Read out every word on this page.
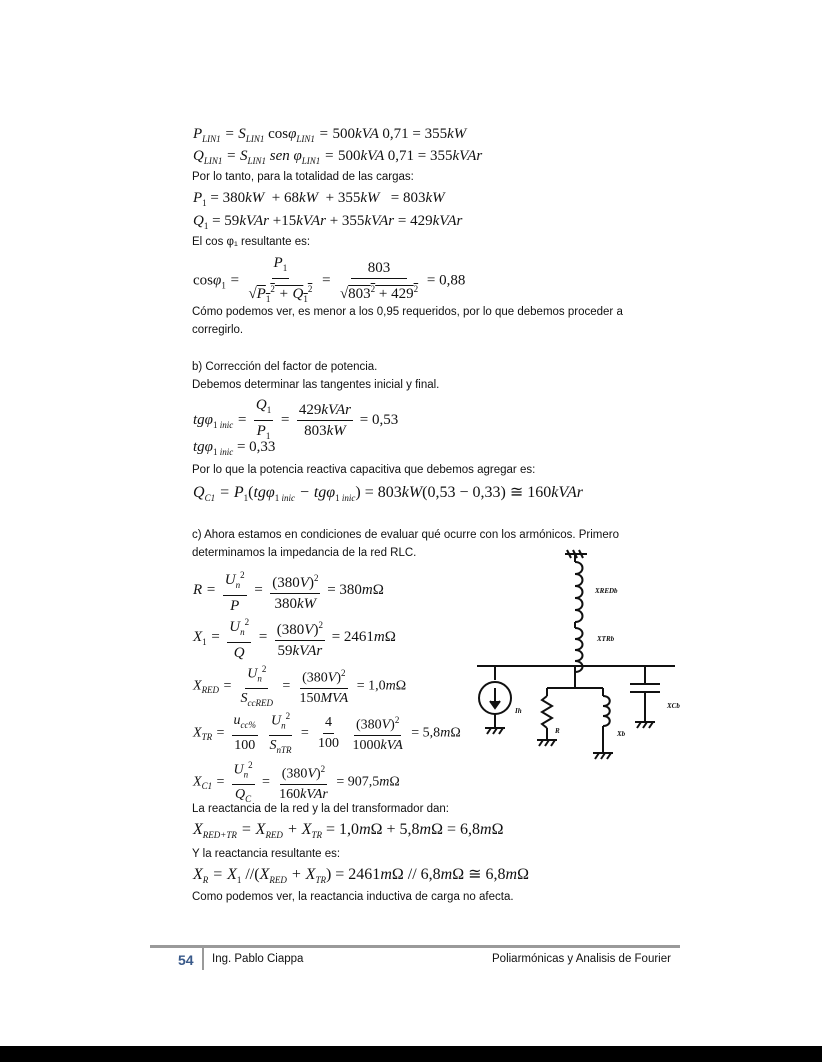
$P_{LIN1} = S_{LIN1}$ cosφ$_{LIN1}$ = 500kVA 0,71 = 355kW
$Q_{LIN1} = S_{LIN1}$ sen $\varphi_{LIN1} = 500kVA$ 0,71 = 355kVAr
Por lo tanto, para la totalidad de las cargas:
$P_1 = 380kW + 68kW + 355kW = 803kW$
$Q_1$ = 59kVAr +15kVAr + 355kVAr = 429kVAr
El cos φ₁ resultante es:
$\cos\varphi_1 = \frac{P_1}{√P_1^2 + Q_1^2} = \frac{803}{√803^2 + 429^2} = 0,88$
Cómo podemos ver, es menor a los 0,95 requeridos, por lo que debemos proceder a
corregirlo.
b) Corrección del factor de potencia.
Debemos determinar las tangentes inicial y final.
tgφ$_1$ $_{inic} = \frac{Q_1}{P_1} = \frac{\text{429kVAr}}{803kW} = 0,53$
tgφ$_1$ $_{inic}$ = 0,33
Por lo que la potencia reactiva capacitiva que debemos agregar es:
$Q_{C1} = P_1(tg\varphi_1$ $_{inic}$ − tgφ$_1$ $_{inic}$) = 803kW(0,53 − 0,33) ≅ 160kVAr
c) Ahora estamos en condiciones de evaluar qué ocurre con los armónicos. Primero
determinamos la impedancia de la red RLC.
$R = \frac{U_n^2}{P} = \frac{(380V)^2}{380kW} = 380m\Omega$
$X_1 = \frac{U_n^2}{Q} = \frac{(380V)^2}{\text{59kVAr}} = 2461m\Omega$
$X_{RED} = \frac{U_n^2}{S_{ccRED}} = \frac{(380V)^2}{\text{150MVA}} = 1,0m\Omega$
$X_{TR} = \frac{u_{cc\%}}{100}$
$\frac{U_n^2}{S_{nTR}} = \frac{4}{100}$
$\frac{(380V)^2}{\text{1000kVA}} = 5,8m\Omega$
$X_{C1} = \frac{U_n^2}{Q_C} = \frac{(380V)^2}{\text{160kVAr}} = 907,5m\Omega$
La reactancia de la red y la del transformador dan:
$X_{RED+TR} = X_{RED} + X_{TR} = 1,0m\Omega + 5,8m\Omega = 6,8m\Omega$
Y la reactancia resultante es:
$X_R = X_1$ $//(X_{RED} + X_{TR}) = 2461m\Omega // 6,8m\Omega$ ≅ 6,8mΩ
Como podemos ver, la reactancia inductiva de carga no afecta.
XREDb
XTRb
XCb
Ih
R	Xb
54 Ing. Pablo Ciappa	Poliarmónicas y Analisis de Fourier
